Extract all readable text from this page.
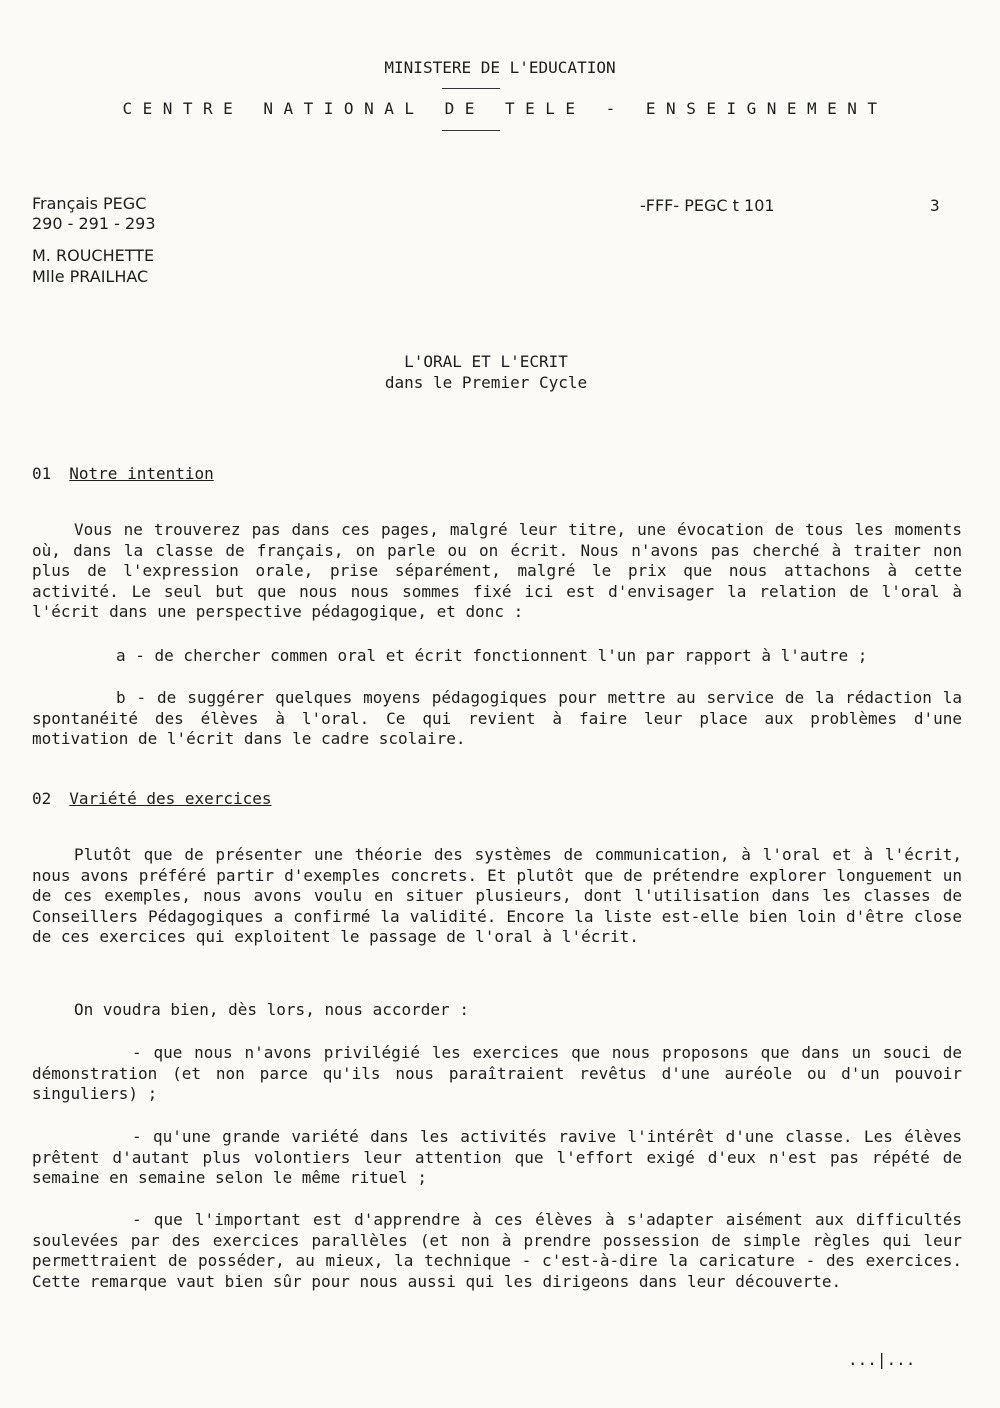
MINISTERE DE L'EDUCATION
CENTRE NATIONAL DE TELE - ENSEIGNEMENT
Français PEGC
290 - 291 - 293
-FFF- PEGC t 101	3
M. ROUCHETTE
Mlle PRAILHAC
L'ORAL ET L'ECRIT
dans le Premier Cycle
01 Notre intention
Vous ne trouverez pas dans ces pages, malgré leur titre, une évocation de tous les moments où, dans la classe de français, on parle ou on écrit. Nous n'avons pas cherché à traiter non plus de l'expression orale, prise séparément, malgré le prix que nous attachons à cette activité. Le seul but que nous nous sommes fixé ici est d'envisager la relation de l'oral à l'écrit dans une perspective pédagogique, et donc :
a - de chercher commen oral et écrit fonctionnent l'un par rapport à l'autre ;
b - de suggérer quelques moyens pédagogiques pour mettre au service de la rédaction la spontanéité des élèves à l'oral. Ce qui revient à faire leur place aux problèmes d'une motivation de l'écrit dans le cadre scolaire.
02 Variété des exercices
Plutôt que de présenter une théorie des systèmes de communication, à l'oral et à l'écrit, nous avons préféré partir d'exemples concrets. Et plutôt que de prétendre explorer longuement un de ces exemples, nous avons voulu en situer plusieurs, dont l'utilisation dans les classes de Conseillers Pédagogiques a confirmé la validité. Encore la liste est-elle bien loin d'être close de ces exercices qui exploitent le passage de l'oral à l'écrit.
On voudra bien, dès lors, nous accorder :
- que nous n'avons privilégié les exercices que nous proposons que dans un souci de démonstration (et non parce qu'ils nous paraîtraient revêtus d'une auréole ou d'un pouvoir singuliers) ;
- qu'une grande variété dans les activités ravive l'intérêt d'une classe. Les élèves prêtent d'autant plus volontiers leur attention que l'effort exigé d'eux n'est pas répété de semaine en semaine selon le même rituel ;
- que l'important est d'apprendre à ces élèves à s'adapter aisément aux difficultés soulevées par des exercices parallèles (et non à prendre possession de simple règles qui leur permettraient de posséder, au mieux, la technique - c'est-à-dire la caricature - des exercices. Cette remarque vaut bien sûr pour nous aussi qui les dirigeons dans leur découverte.
...|...
